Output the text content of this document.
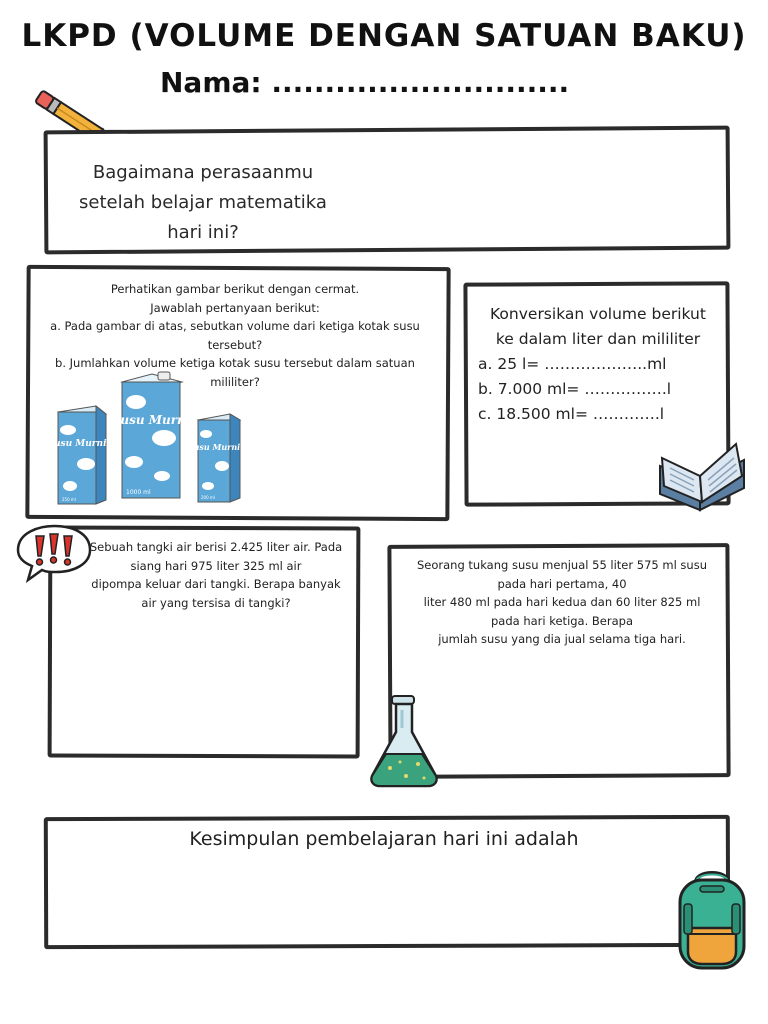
LKPD (VOLUME DENGAN SATUAN BAKU)
Nama: ............................
Bagaimana perasaanmu
setelah belajar matematika
hari ini?
Perhatikan gambar berikut dengan cermat.
Jawablah pertanyaan berikut:
a. Pada gambar di atas, sebutkan volume dari ketiga kotak susu
tersebut?
b. Jumlahkan volume ketiga kotak susu tersebut dalam satuan
mililiter?
Susu Murni
250 ml
Susu Murni
1000 ml
Susu Murni
200 ml
Konversikan volume berikut
ke dalam liter dan mililiter
a. 25 l= ………………..ml
b. 7.000 ml= …………….l
c. 18.500 ml= ………….l
Sebuah tangki air berisi 2.425 liter air. Pada
siang hari 975 liter 325 ml air
dipompa keluar dari tangki. Berapa banyak
air yang tersisa di tangki?
Seorang tukang susu menjual 55 liter 575 ml susu
pada hari pertama, 40
liter 480 ml pada hari kedua dan 60 liter 825 ml
pada hari ketiga. Berapa
jumlah susu yang dia jual selama tiga hari.
Kesimpulan pembelajaran hari ini adalah
